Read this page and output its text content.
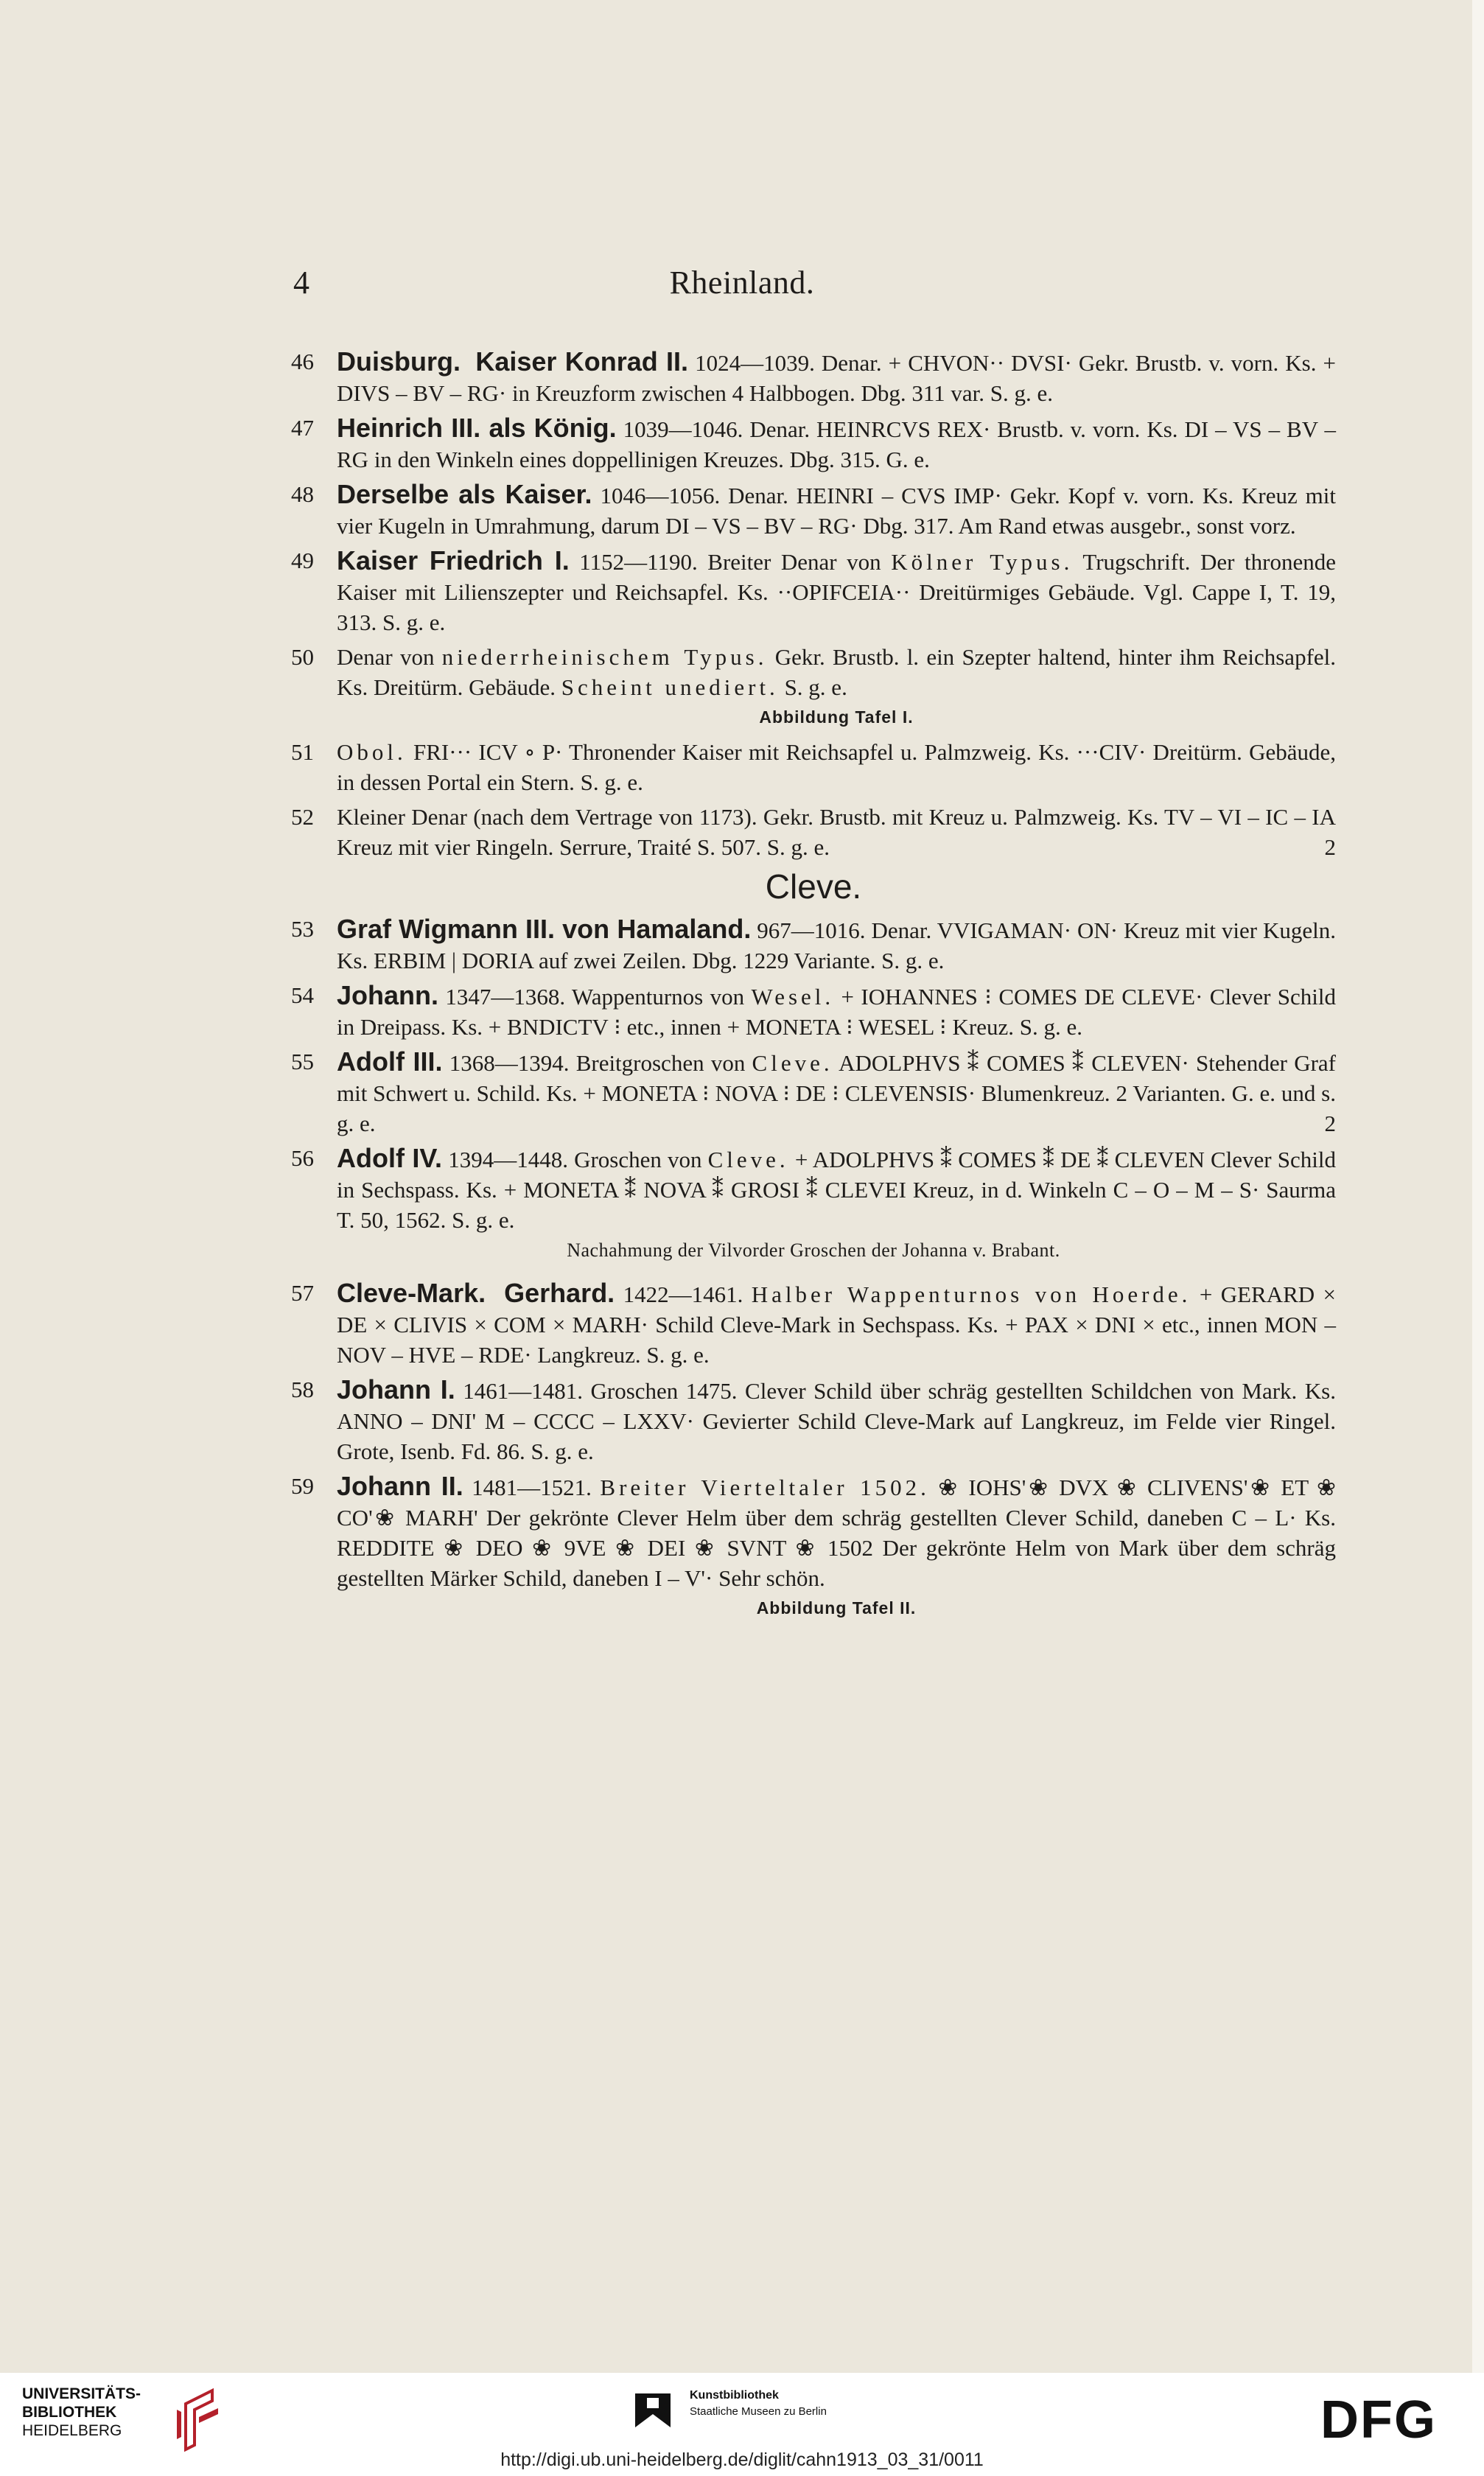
4	Rheinland.
46 Duisburg. Kaiser Konrad II. 1024—1039. Denar. + CHVON·· DVSI· Gekr. Brustb. v. vorn. Ks. + DIVS – BV – RG· in Kreuzform zwischen 4 Halbbogen. Dbg. 311 var. S. g. e.
47 Heinrich III. als König. 1039—1046. Denar. HEINRCVS REX· Brustb. v. vorn. Ks. DI – VS – BV – RG in den Winkeln eines doppellinigen Kreuzes. Dbg. 315. G. e.
48 Derselbe als Kaiser. 1046—1056. Denar. HEINRI – CVS IMP· Gekr. Kopf v. vorn. Ks. Kreuz mit vier Kugeln in Umrahmung, darum DI – VS – BV – RG· Dbg. 317. Am Rand etwas ausgebr., sonst vorz.
49 Kaiser Friedrich I. 1152—1190. Breiter Denar von Kölner Typus. Trugschrift. Der thronende Kaiser mit Lilienszepter und Reichsapfel. Ks. ··OPIFCEIA·· Dreitürmiges Gebäude. Vgl. Cappe I, T. 19, 313. S. g. e.
50 Denar von niederrheinischem Typus. Gekr. Brustb. l. ein Szepter haltend, hinter ihm Reichsapfel. Ks. Dreitürm. Gebäude. Scheint unediert. S. g. e.
Abbildung Tafel I.
51 Obol. FRI··· ICV ∘ P· Thronender Kaiser mit Reichsapfel u. Palmzweig. Ks. ···CIV· Dreitürm. Gebäude, in dessen Portal ein Stern. S. g. e.
52 Kleiner Denar (nach dem Vertrage von 1173). Gekr. Brustb. mit Kreuz u. Palmzweig. Ks. TV – VI – IC – IA Kreuz mit vier Ringeln. Serrure, Traité S. 507. S. g. e.	2
Cleve.
53 Graf Wigmann III. von Hamaland. 967—1016. Denar. VVIGAMAN· ON· Kreuz mit vier Kugeln. Ks. ERBIM | DORIA auf zwei Zeilen. Dbg. 1229 Variante. S. g. e.
54 Johann. 1347—1368. Wappenturnos von Wesel. + IOHANNES ⁝ COMES DE CLEVE· Clever Schild in Dreipass. Ks. + BNDICTV ⁝ etc., innen + MONETA ⁝ WESEL ⁝ Kreuz. S. g. e.
55 Adolf III. 1368—1394. Breitgroschen von Cleve. ADOLPHVS ⁑ COMES ⁑ CLEVEN· Stehender Graf mit Schwert u. Schild. Ks. + MONETA ⁝ NOVA ⁝ DE ⁝ CLEVENSIS· Blumenkreuz. 2 Varianten. G. e. und s. g. e.	2
56 Adolf IV. 1394—1448. Groschen von Cleve. + ADOLPHVS ⁑ COMES ⁑ DE ⁑ CLEVEN Clever Schild in Sechspass. Ks. + MONETA ⁑ NOVA ⁑ GROSI ⁑ CLEVEI Kreuz, in d. Winkeln C – O – M – S· Saurma T. 50, 1562. S. g. e.
Nachahmung der Vilvorder Groschen der Johanna v. Brabant.
57 Cleve-Mark. Gerhard. 1422—1461. Halber Wappenturnos von Hoerde. + GERARD × DE × CLIVIS × COM × MARH· Schild Cleve-Mark in Sechspass. Ks. + PAX × DNI × etc., innen MON – NOV – HVE – RDE· Langkreuz. S. g. e.
58 Johann I. 1461—1481. Groschen 1475. Clever Schild über schräg gestellten Schildchen von Mark. Ks. ANNO – DNI' M – CCCC – LXXV· Gevierter Schild Cleve-Mark auf Langkreuz, im Felde vier Ringel. Grote, Isenb. Fd. 86. S. g. e.
59 Johann II. 1481—1521. Breiter Vierteltaler 1502. ❀ IOHS'❀ DVX ❀ CLIVENS'❀ ET ❀ CO'❀ MARH' Der gekrönte Clever Helm über dem schräg gestellten Clever Schild, daneben C – L· Ks. REDDITE ❀ DEO ❀ 9VE ❀ DEI ❀ SVNT ❀ 1502 Der gekrönte Helm von Mark über dem schräg gestellten Märker Schild, daneben I – V'· Sehr schön.
Abbildung Tafel II.
UNIVERSITÄTS-
BIBLIOTHEK
HEIDELBERG
Kunstbibliothek
Staatliche Museen zu Berlin	DFG
http://digi.ub.uni-heidelberg.de/diglit/cahn1913_03_31/0011
